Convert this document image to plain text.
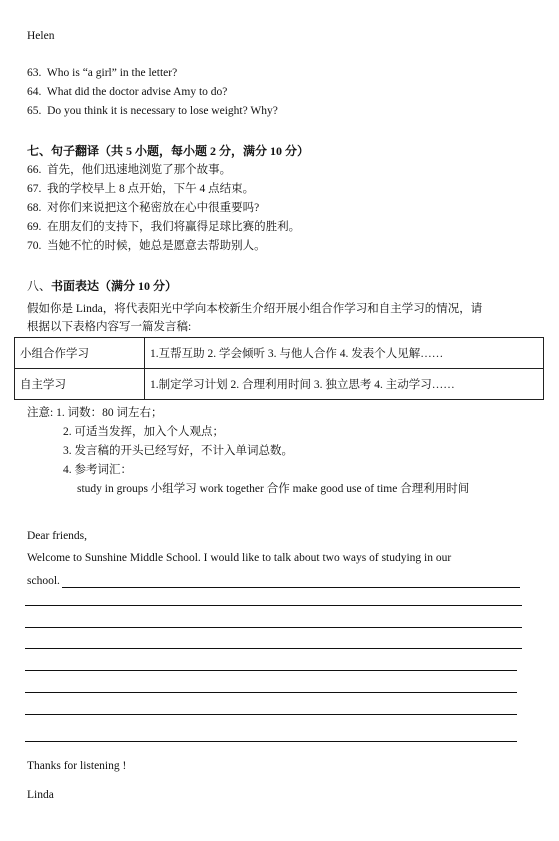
Helen
63. Who is “a girl” in the letter?
64. What did the doctor advise Amy to do?
65. Do you think it is necessary to lose weight? Why?
七、句子翻译（共 5 小题，每小题 2 分，满分 10 分）
66. 首先，他们迅速地浏览了那个故事。
67. 我的学校早上 8 点开始，下午 4 点结束。
68. 对你们来说把这个秘密放在心中很重要吗?
69. 在朋友们的支持下，我们将赢得足球比赛的胜利。
70. 当她不忙的时候，她总是愿意去帮助别人。
八、书面表达（满分 10 分）
假如你是 Linda，将代表阳光中学向本校新生介绍开展小组合作学习和自主学习的情况，请
根据以下表格内容写一篇发言稿:
小组合作学习	1.互帮互助 2. 学会倾听 3. 与他人合作 4. 发表个人见解……
自主学习	1.制定学习计划 2. 合理利用时间 3. 独立思考 4. 主动学习……
注意: 1. 词数：80 词左右；
2. 可适当发挥，加入个人观点；
3. 发言稿的开头已经写好，不计入单词总数。
4. 参考词汇：
study in groups 小组学习 work together 合作 make good use of time 合理利用时间
Dear friends,
Welcome to Sunshine Middle School. I would like to talk about two ways of studying in our
school.
Thanks for listening !
Linda
